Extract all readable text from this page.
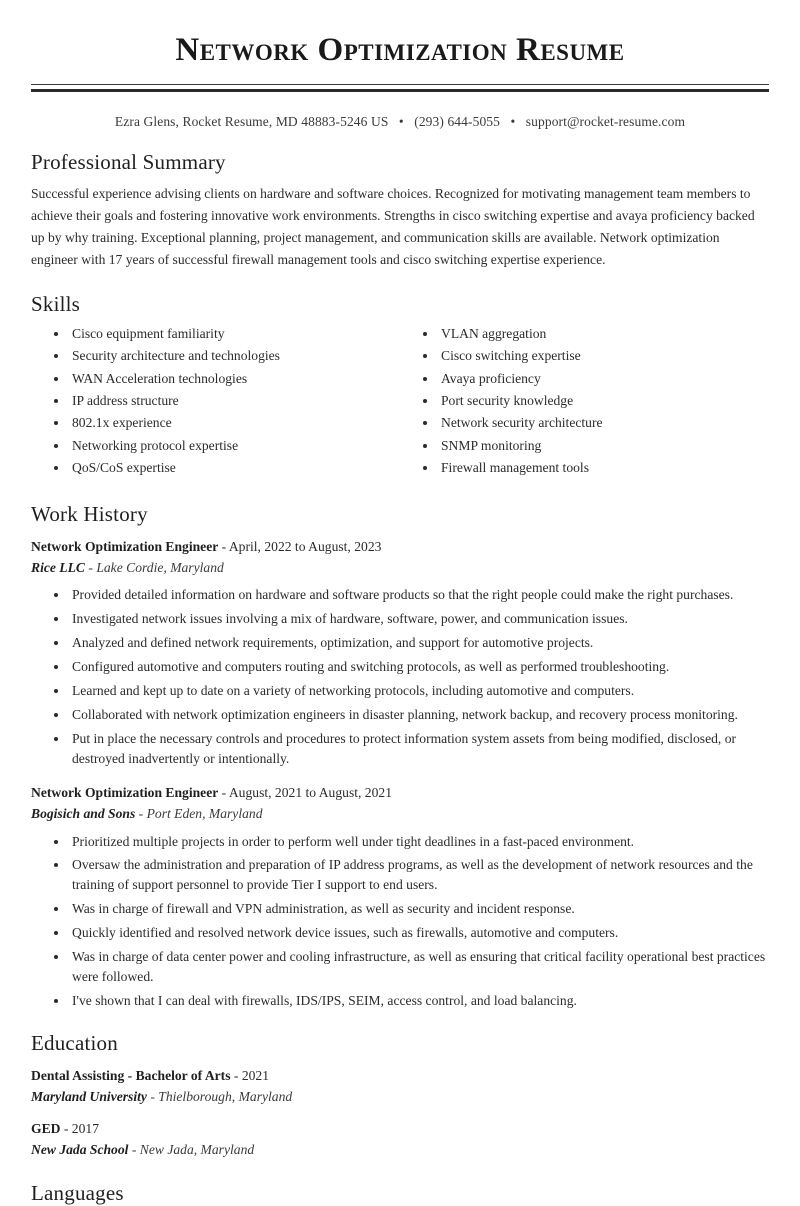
Network Optimization Resume
Ezra Glens, Rocket Resume, MD 48883-5246 US • (293) 644-5055 • support@rocket-resume.com
Professional Summary

Successful experience advising clients on hardware and software choices. Recognized for motivating management team members to achieve their goals and fostering innovative work environments. Strengths in cisco switching expertise and avaya proficiency backed up by why training. Exceptional planning, project management, and communication skills are available. Network optimization engineer with 17 years of successful firewall management tools and cisco switching expertise experience.

Skills
• Cisco equipment familiarity
• Security architecture and technologies
• WAN Acceleration technologies
• IP address structure
• 802.1x experience
• Networking protocol expertise
• QoS/CoS expertise
• VLAN aggregation
• Cisco switching expertise
• Avaya proficiency
• Port security knowledge
• Network security architecture
• SNMP monitoring
• Firewall management tools
Work History
Network Optimization Engineer - April, 2022 to August, 2023
Rice LLC - Lake Cordie, Maryland
• Provided detailed information on hardware and software products so that the right people could make the right purchases.
• Investigated network issues involving a mix of hardware, software, power, and communication issues.
• Analyzed and defined network requirements, optimization, and support for automotive projects.
• Configured automotive and computers routing and switching protocols, as well as performed troubleshooting.
• Learned and kept up to date on a variety of networking protocols, including automotive and computers.
• Collaborated with network optimization engineers in disaster planning, network backup, and recovery process monitoring.
• Put in place the necessary controls and procedures to protect information system assets from being modified, disclosed, or destroyed inadvertently or intentionally.
Network Optimization Engineer - August, 2021 to August, 2021
Bogisich and Sons - Port Eden, Maryland
• Prioritized multiple projects in order to perform well under tight deadlines in a fast-paced environment.
• Oversaw the administration and preparation of IP address programs, as well as the development of network resources and the training of support personnel to provide Tier I support to end users.
• Was in charge of firewall and VPN administration, as well as security and incident response.
• Quickly identified and resolved network device issues, such as firewalls, automotive and computers.
• Was in charge of data center power and cooling infrastructure, as well as ensuring that critical facility operational best practices were followed.
• I've shown that I can deal with firewalls, IDS/IPS, SEIM, access control, and load balancing.
Education
Dental Assisting - Bachelor of Arts - 2021
Maryland University - Thielborough, Maryland
GED - 2017
New Jada School - New Jada, Maryland
Languages
